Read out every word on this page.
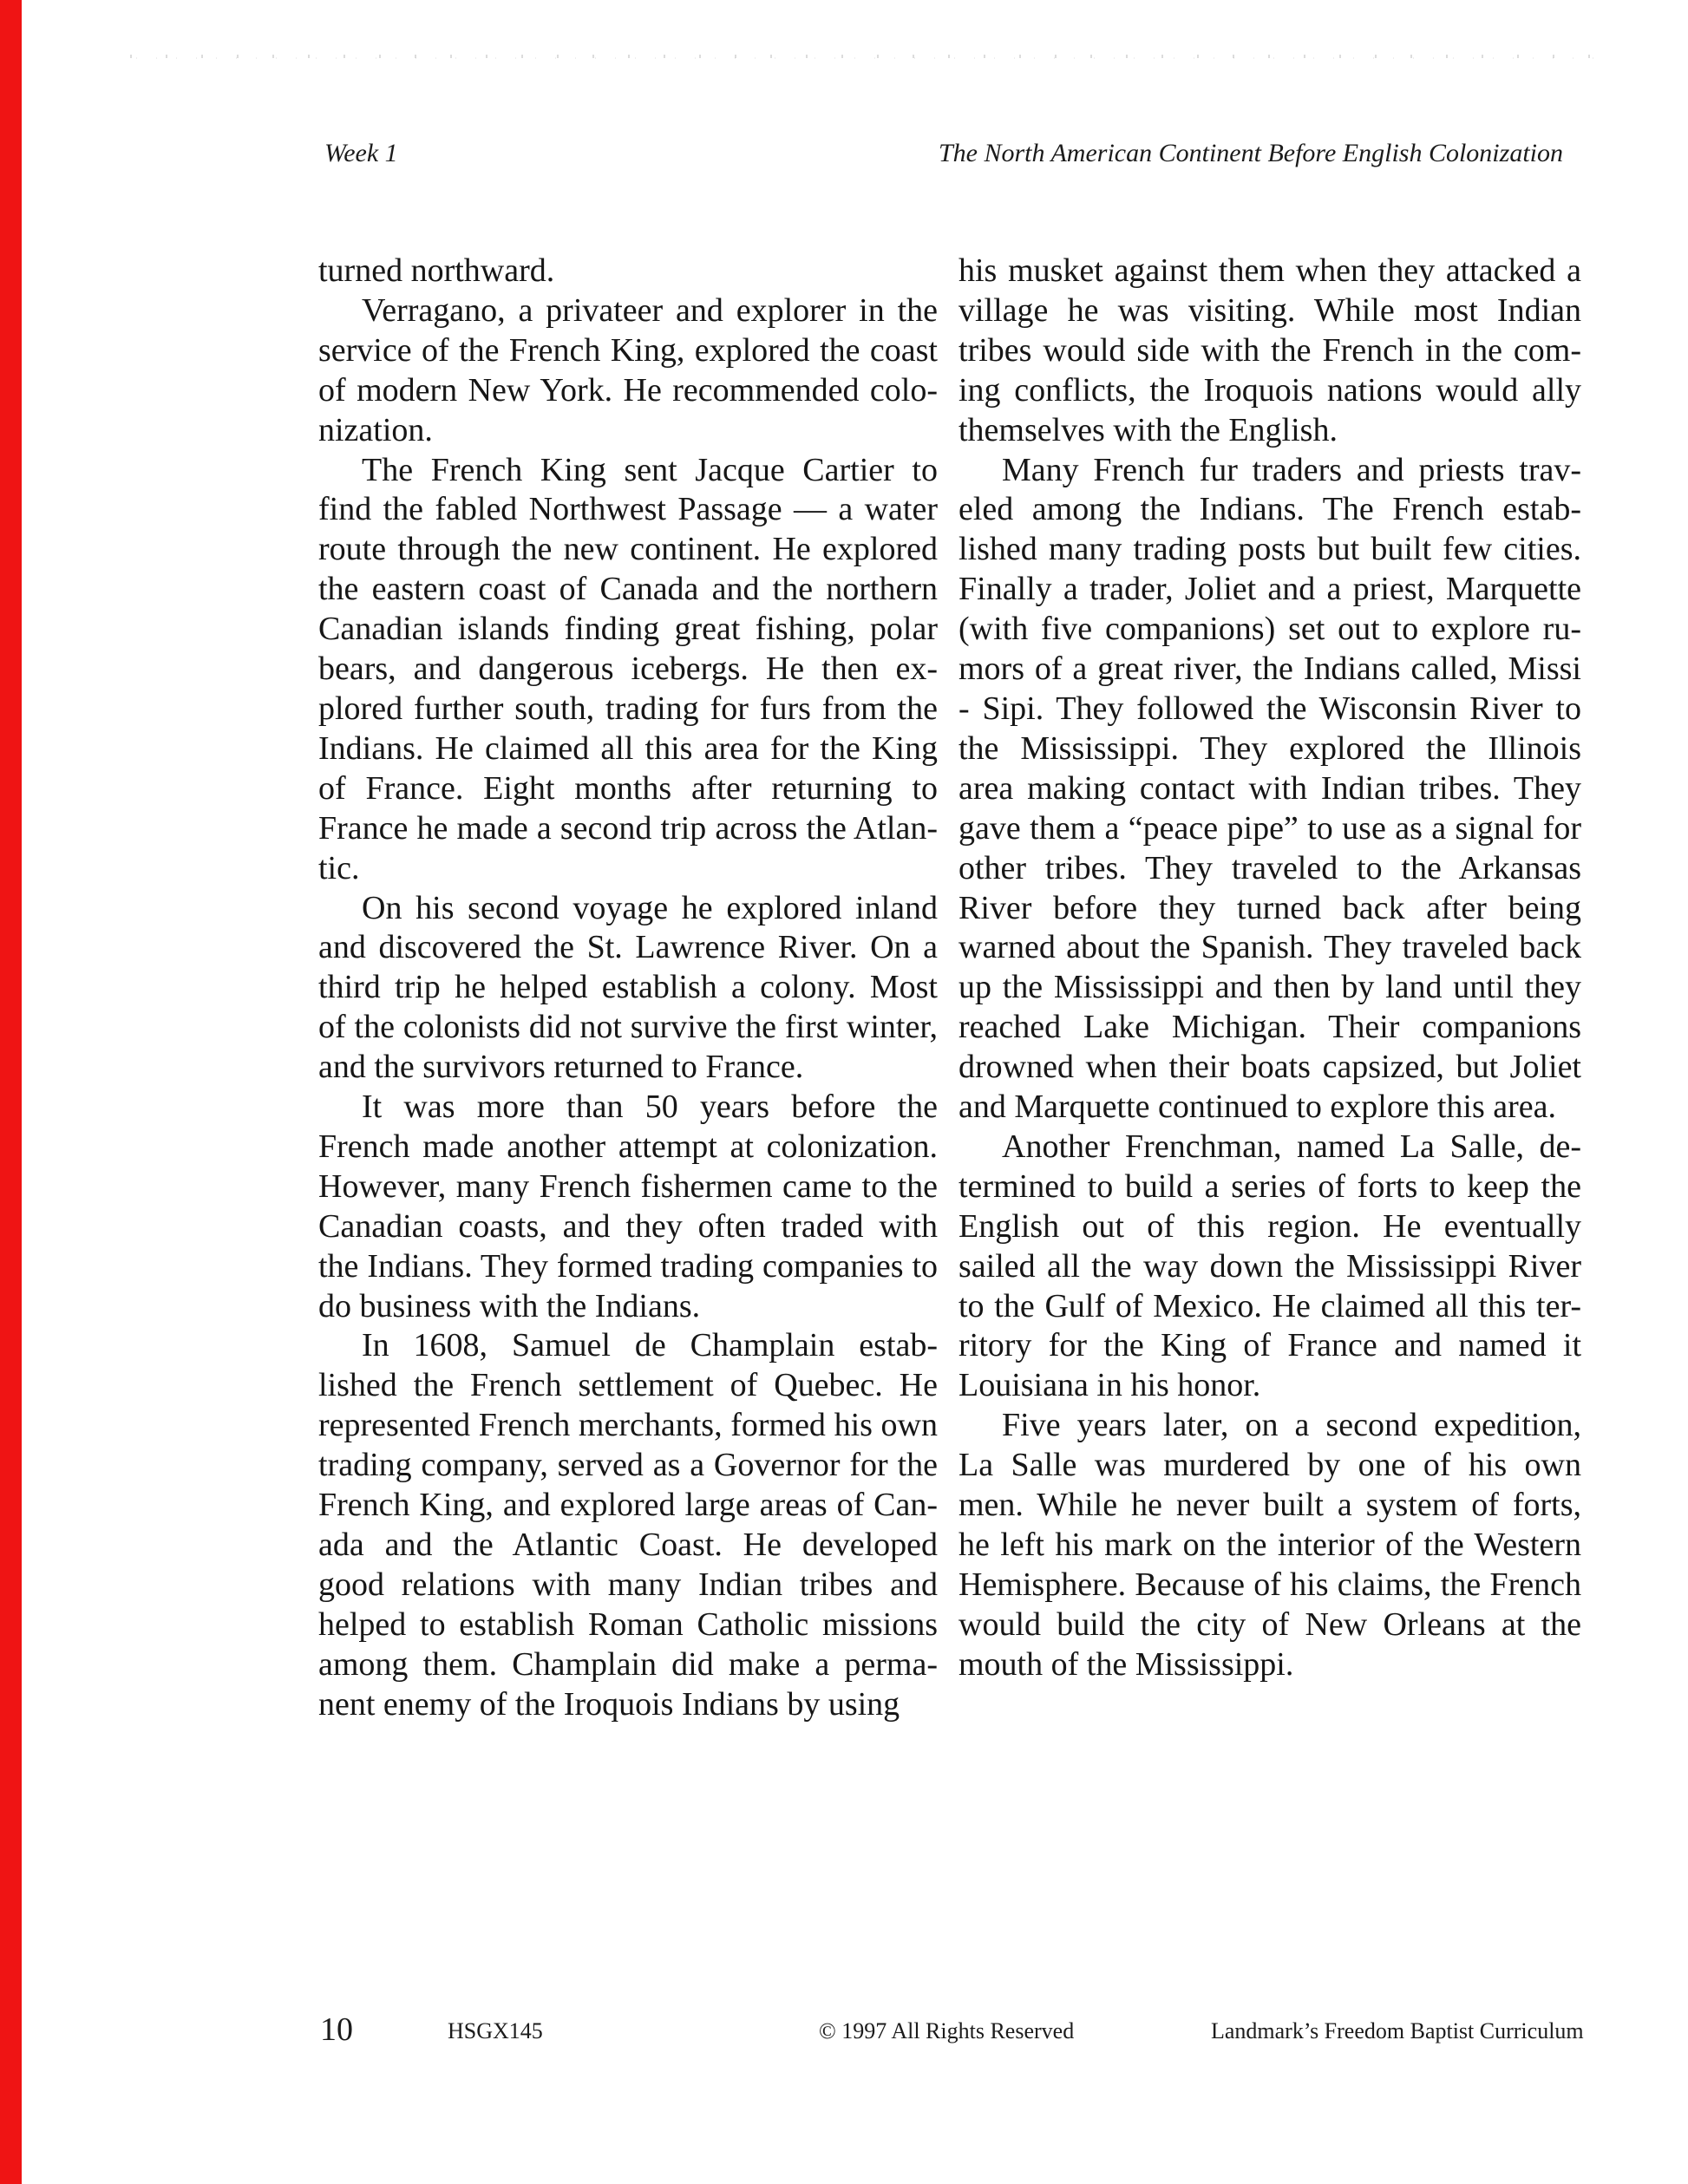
Week 1	The North American Continent Before English Colonization
turned northward.
Verragano, a privateer and explorer in the
service of the French King, explored the coast
of modern New York. He recommended colo-
nization.
The French King sent Jacque Cartier to
find the fabled Northwest Passage — a water
route through the new continent. He explored
the eastern coast of Canada and the northern
Canadian islands finding great fishing, polar
bears, and dangerous icebergs. He then ex-
plored further south, trading for furs from the
Indians. He claimed all this area for the King
of France. Eight months after returning to
France he made a second trip across the Atlan-
tic.
On his second voyage he explored inland
and discovered the St. Lawrence River. On a
third trip he helped establish a colony. Most
of the colonists did not survive the first winter,
and the survivors returned to France.
It was more than 50 years before the
French made another attempt at colonization.
However, many French fishermen came to the
Canadian coasts, and they often traded with
the Indians. They formed trading companies to
do business with the Indians.
In 1608, Samuel de Champlain estab-
lished the French settlement of Quebec. He
represented French merchants, formed his own
trading company, served as a Governor for the
French King, and explored large areas of Can-
ada and the Atlantic Coast. He developed
good relations with many Indian tribes and
helped to establish Roman Catholic missions
among them. Champlain did make a perma-
nent enemy of the Iroquois Indians by using
his musket against them when they attacked a
village he was visiting. While most Indian
tribes would side with the French in the com-
ing conflicts, the Iroquois nations would ally
themselves with the English.
Many French fur traders and priests trav-
eled among the Indians. The French estab-
lished many trading posts but built few cities.
Finally a trader, Joliet and a priest, Marquette
(with five companions) set out to explore ru-
mors of a great river, the Indians called, Missi
- Sipi. They followed the Wisconsin River to
the Mississippi. They explored the Illinois
area making contact with Indian tribes. They
gave them a “peace pipe” to use as a signal for
other tribes. They traveled to the Arkansas
River before they turned back after being
warned about the Spanish. They traveled back
up the Mississippi and then by land until they
reached Lake Michigan. Their companions
drowned when their boats capsized, but Joliet
and Marquette continued to explore this area.
Another Frenchman, named La Salle, de-
termined to build a series of forts to keep the
English out of this region. He eventually
sailed all the way down the Mississippi River
to the Gulf of Mexico. He claimed all this ter-
ritory for the King of France and named it
Louisiana in his honor.
Five years later, on a second expedition,
La Salle was murdered by one of his own
men. While he never built a system of forts,
he left his mark on the interior of the Western
Hemisphere. Because of his claims, the French
would build the city of New Orleans at the
mouth of the Mississippi.
10	HSGX145	© 1997 All Rights Reserved	Landmark’s Freedom Baptist Curriculum
